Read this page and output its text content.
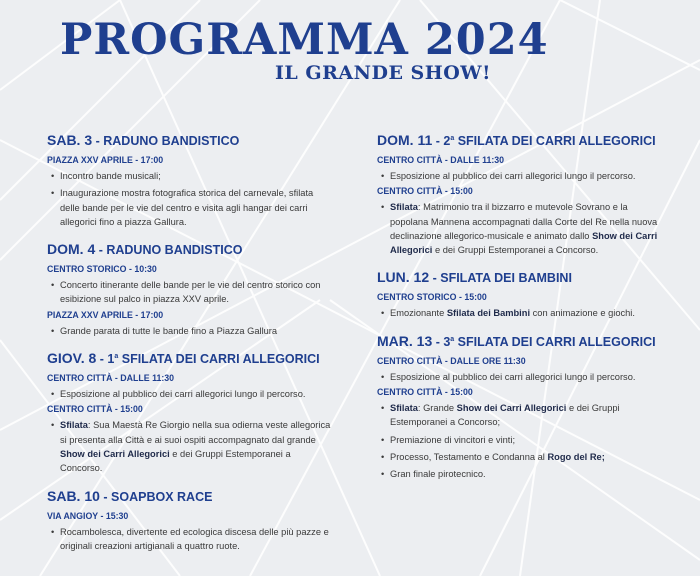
PROGRAMMA 2024
IL GRANDE SHOW!
SAB. 3 - RADUNO BANDISTICO
PIAZZA XXV APRILE - 17:00
• Incontro bande musicali;
• Inaugurazione mostra fotografica storica del carnevale, sfilata delle bande per le vie del centro e visita agli hangar dei carri allegorici fino a piazza Gallura.
DOM. 4 - RADUNO BANDISTICO
CENTRO STORICO - 10:30
• Concerto itinerante delle bande per le vie del centro storico con esibizione sul palco in piazza XXV aprile.
PIAZZA XXV APRILE - 17:00
• Grande parata di tutte le bande fino a Piazza Gallura
GIOV. 8 - 1$^a$ SFILATA DEI CARRI ALLEGORICI
CENTRO CITTÀ - DALLE 11:30
• Esposizione al pubblico dei carri allegorici lungo il percorso.
CENTRO CITTÀ - 15:00
• Sfilata: Sua Maestà Re Giorgio nella sua odierna veste allegorica si presenta alla Città e ai suoi ospiti accompagnato dal grande Show dei Carri Allegorici e dei Gruppi Estemporanei a Concorso.
SAB. 10 - SOAPBOX RACE
VIA ANGIOY - 15:30
• Rocambolesca, divertente ed ecologica discesa delle più pazze e originali creazioni artigianali a quattro ruote.
DOM. 11 - 2$^a$ SFILATA DEI CARRI ALLEGORICI
CENTRO CITTÀ - DALLE 11:30
• Esposizione al pubblico dei carri allegorici lungo il percorso.
CENTRO CITTÀ - 15:00
• Sfilata: Matrimonio tra il bizzarro e mutevole Sovrano e la popolana Mannena accompagnati dalla Corte del Re nella nuova declinazione allegorico-musicale e animato dallo Show dei Carri Allegorici e dei Gruppi Estemporanei a Concorso.
LUN. 12 - SFILATA DEI BAMBINI
CENTRO STORICO - 15:00
• Emozionante Sfilata dei Bambini con animazione e giochi.
MAR. 13 - 3$^a$ SFILATA DEI CARRI ALLEGORICI
CENTRO CITTÀ - DALLE ORE 11:30
• Esposizione al pubblico dei carri allegorici lungo il percorso.
CENTRO CITTÀ - 15:00
• Sfilata: Grande Show dei Carri Allegorici e dei Gruppi Estemporanei a Concorso;
• Premiazione di vincitori e vinti;
• Processo, Testamento e Condanna al Rogo del Re;
• Gran finale pirotecnico.
